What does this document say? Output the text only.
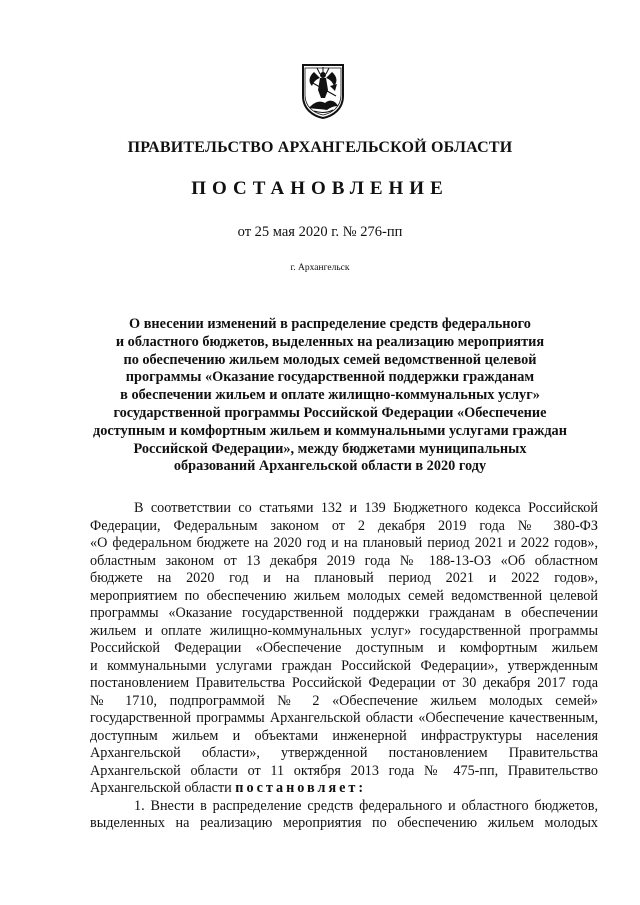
ПРАВИТЕЛЬСТВО АРХАНГЕЛЬСКОЙ ОБЛАСТИ
ПОСТАНОВЛЕНИЕ
от 25 мая 2020 г. № 276-пп
г. Архангельск
О внесении изменений в распределение средств федерального
и областного бюджетов, выделенных на реализацию мероприятия
по обеспечению жильем молодых семей ведомственной целевой
программы «Оказание государственной поддержки гражданам
в обеспечении жильем и оплате жилищно-коммунальных услуг»
государственной программы Российской Федерации «Обеспечение
доступным и комфортным жильем и коммунальными услугами граждан
Российской Федерации», между бюджетами муниципальных
образований Архангельской области в 2020 году
В соответствии со статьями 132 и 139 Бюджетного кодекса Российской
Федерации, Федеральным законом от 2 декабря 2019 года № 380-ФЗ
«О федеральном бюджете на 2020 год и на плановый период 2021 и 2022 годов»,
областным законом от 13 декабря 2019 года № 188-13-ОЗ «Об областном
бюджете на 2020 год и на плановый период 2021 и 2022 годов»,
мероприятием по обеспечению жильем молодых семей ведомственной целевой
программы «Оказание государственной поддержки гражданам в обеспечении
жильем и оплате жилищно-коммунальных услуг» государственной программы
Российской Федерации «Обеспечение доступным и комфортным жильем
и коммунальными услугами граждан Российской Федерации», утвержденным
постановлением Правительства Российской Федерации от 30 декабря 2017 года
№ 1710, подпрограммой № 2 «Обеспечение жильем молодых семей»
государственной программы Архангельской области «Обеспечение качественным,
доступным жильем и объектами инженерной инфраструктуры населения
Архангельской области», утвержденной постановлением Правительства
Архангельской области от 11 октября 2013 года № 475-пп, Правительство
Архангельской области постановляет:
1. Внести в распределение средств федерального и областного бюджетов,
выделенных на реализацию мероприятия по обеспечению жильем молодых
